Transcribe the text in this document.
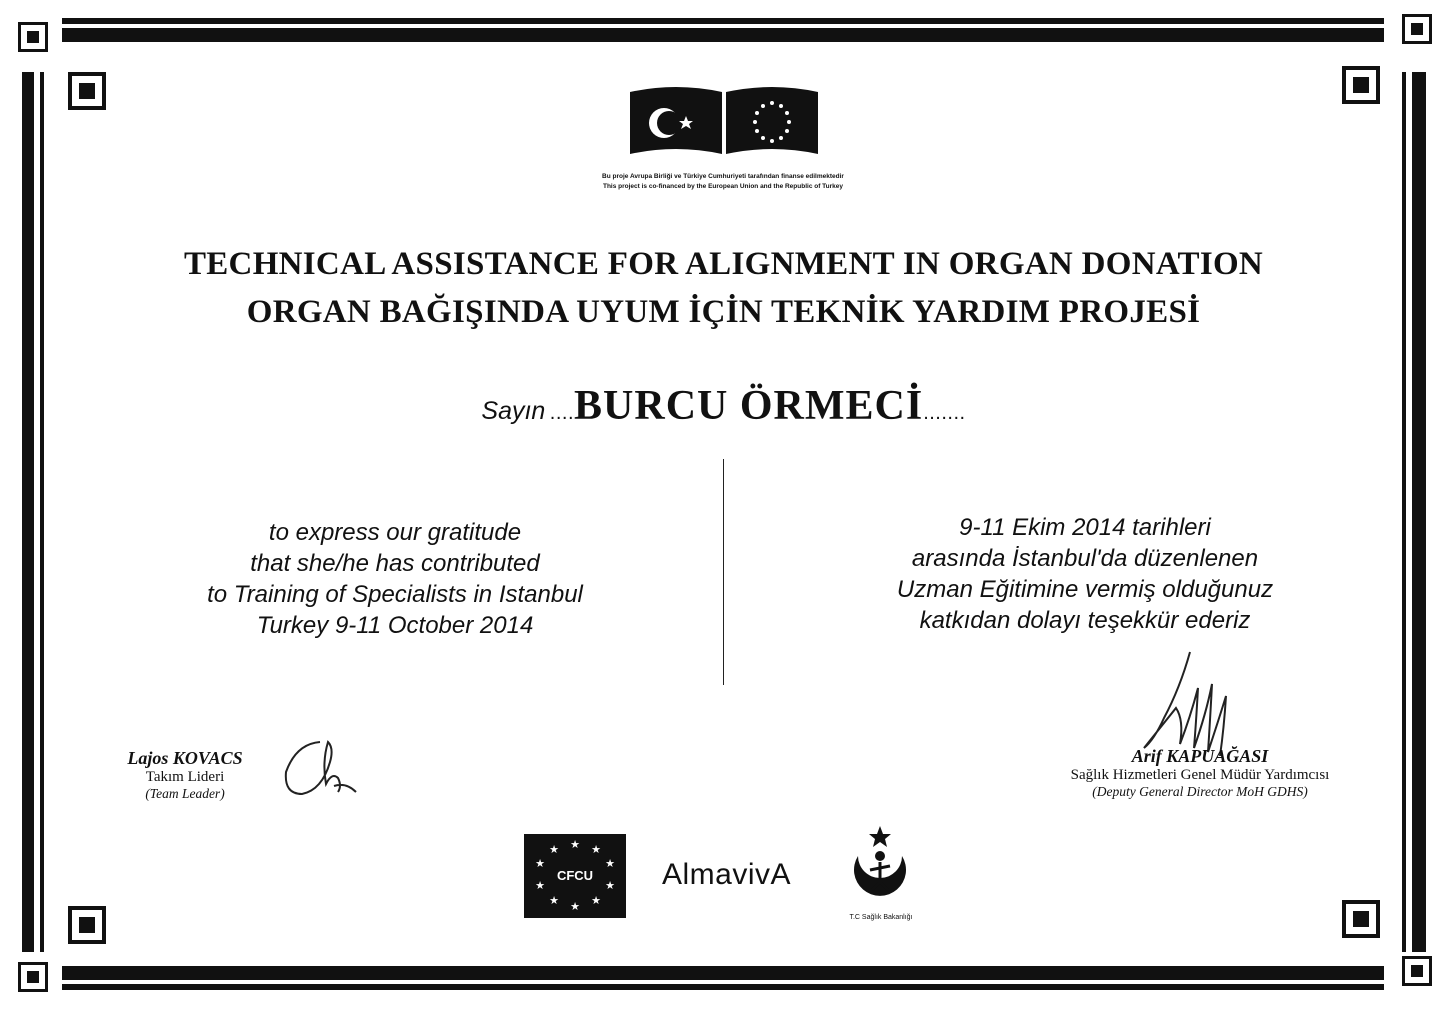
Bu proje Avrupa Birliği ve Türkiye Cumhuriyeti tarafından finanse edilmektedir
This project is co-financed by the European Union and the Republic of Turkey
TECHNICAL ASSISTANCE FOR ALIGNMENT IN ORGAN DONATION
ORGAN BAĞIŞINDA UYUM İÇİN TEKNİK YARDIM PROJESİ
Sayın ....BURCU ÖRMECİ.......
to express our gratitude
that she/he has contributed
to Training of Specialists in Istanbul
Turkey 9-11 October 2014
9-11 Ekim 2014 tarihleri
arasında İstanbul'da düzenlenen
Uzman Eğitimine vermiş olduğunuz
katkıdan dolayı teşekkür ederiz
Lajos KOVACS
Takım Lideri
(Team Leader)
Arif KAPUAĞASI
Sağlık Hizmetleri Genel Müdür Yardımcısı
(Deputy General Director MoH GDHS)
★ ★
★
★
★
★
★
★
★
★
CFCU	AlmavivA
T.C Sağlık Bakanlığı
